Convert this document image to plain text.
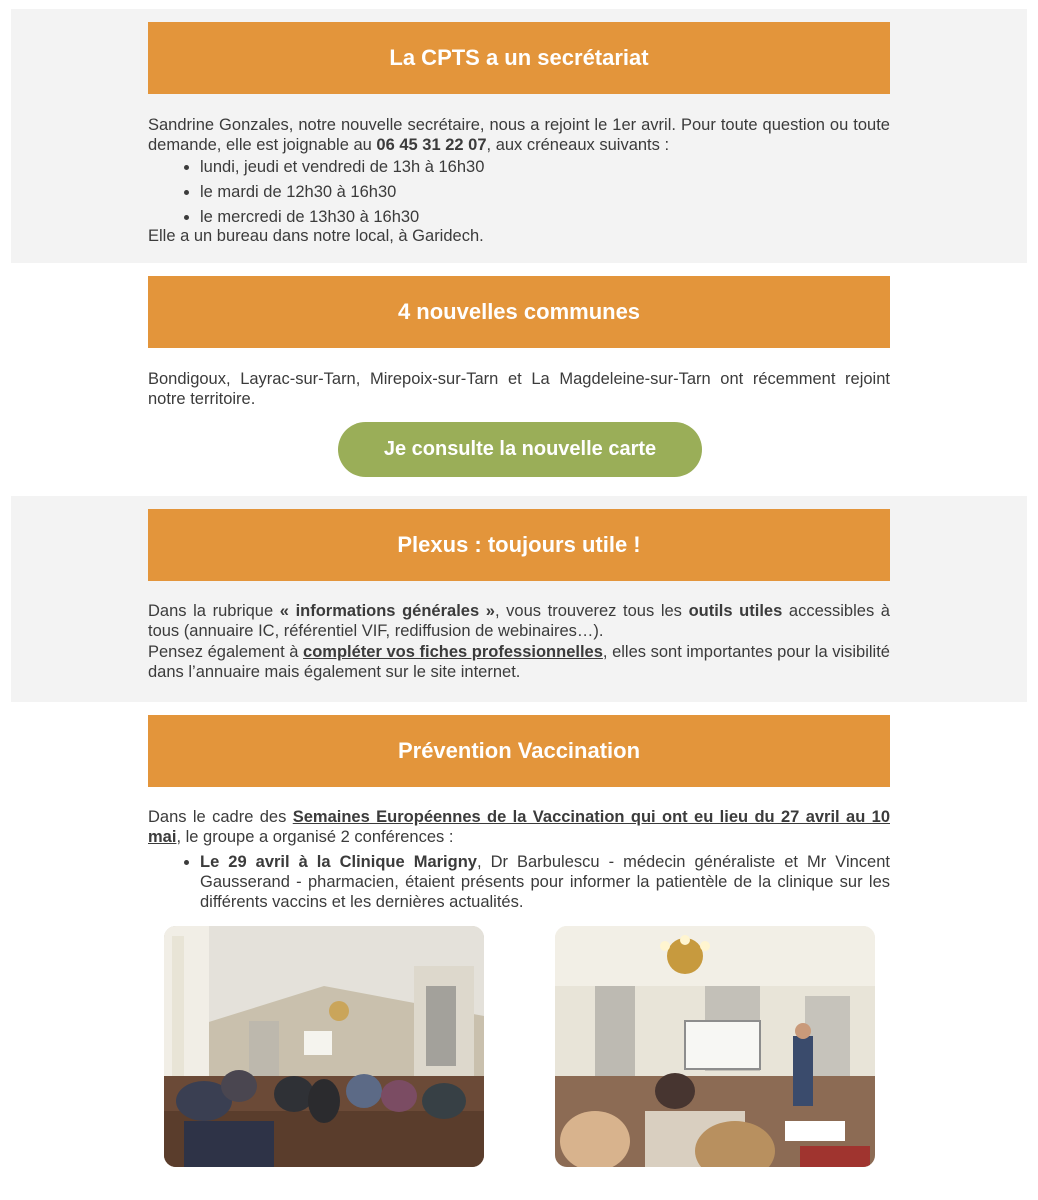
La CPTS a un secrétariat
Sandrine Gonzales, notre nouvelle secrétaire, nous a rejoint le 1er avril. Pour toute question ou toute demande, elle est joignable au 06 45 31 22 07, aux créneaux suivants :
• lundi, jeudi et vendredi de 13h à 16h30
• le mardi de 12h30 à 16h30
• le mercredi de 13h30 à 16h30
Elle a un bureau dans notre local, à Garidech.
4 nouvelles communes
Bondigoux, Layrac-sur-Tarn, Mirepoix-sur-Tarn et La Magdeleine-sur-Tarn ont récemment rejoint notre territoire.
Je consulte la nouvelle carte
Plexus : toujours utile !
Dans la rubrique « informations générales », vous trouverez tous les outils utiles accessibles à tous (annuaire IC, référentiel VIF, rediffusion de webinaires…).
Pensez également à compléter vos fiches professionnelles, elles sont importantes pour la visibilité dans l’annuaire mais également sur le site internet.
Prévention Vaccination
Dans le cadre des Semaines Européennes de la Vaccination qui ont eu lieu du 27 avril au 10 mai, le groupe a organisé 2 conférences :
• Le 29 avril à la Clinique Marigny, Dr Barbulescu - médecin généraliste et Mr Vincent Gausserand - pharmacien, étaient présents pour informer la patientèle de la clinique sur les différents vaccins et les dernières actualités.
